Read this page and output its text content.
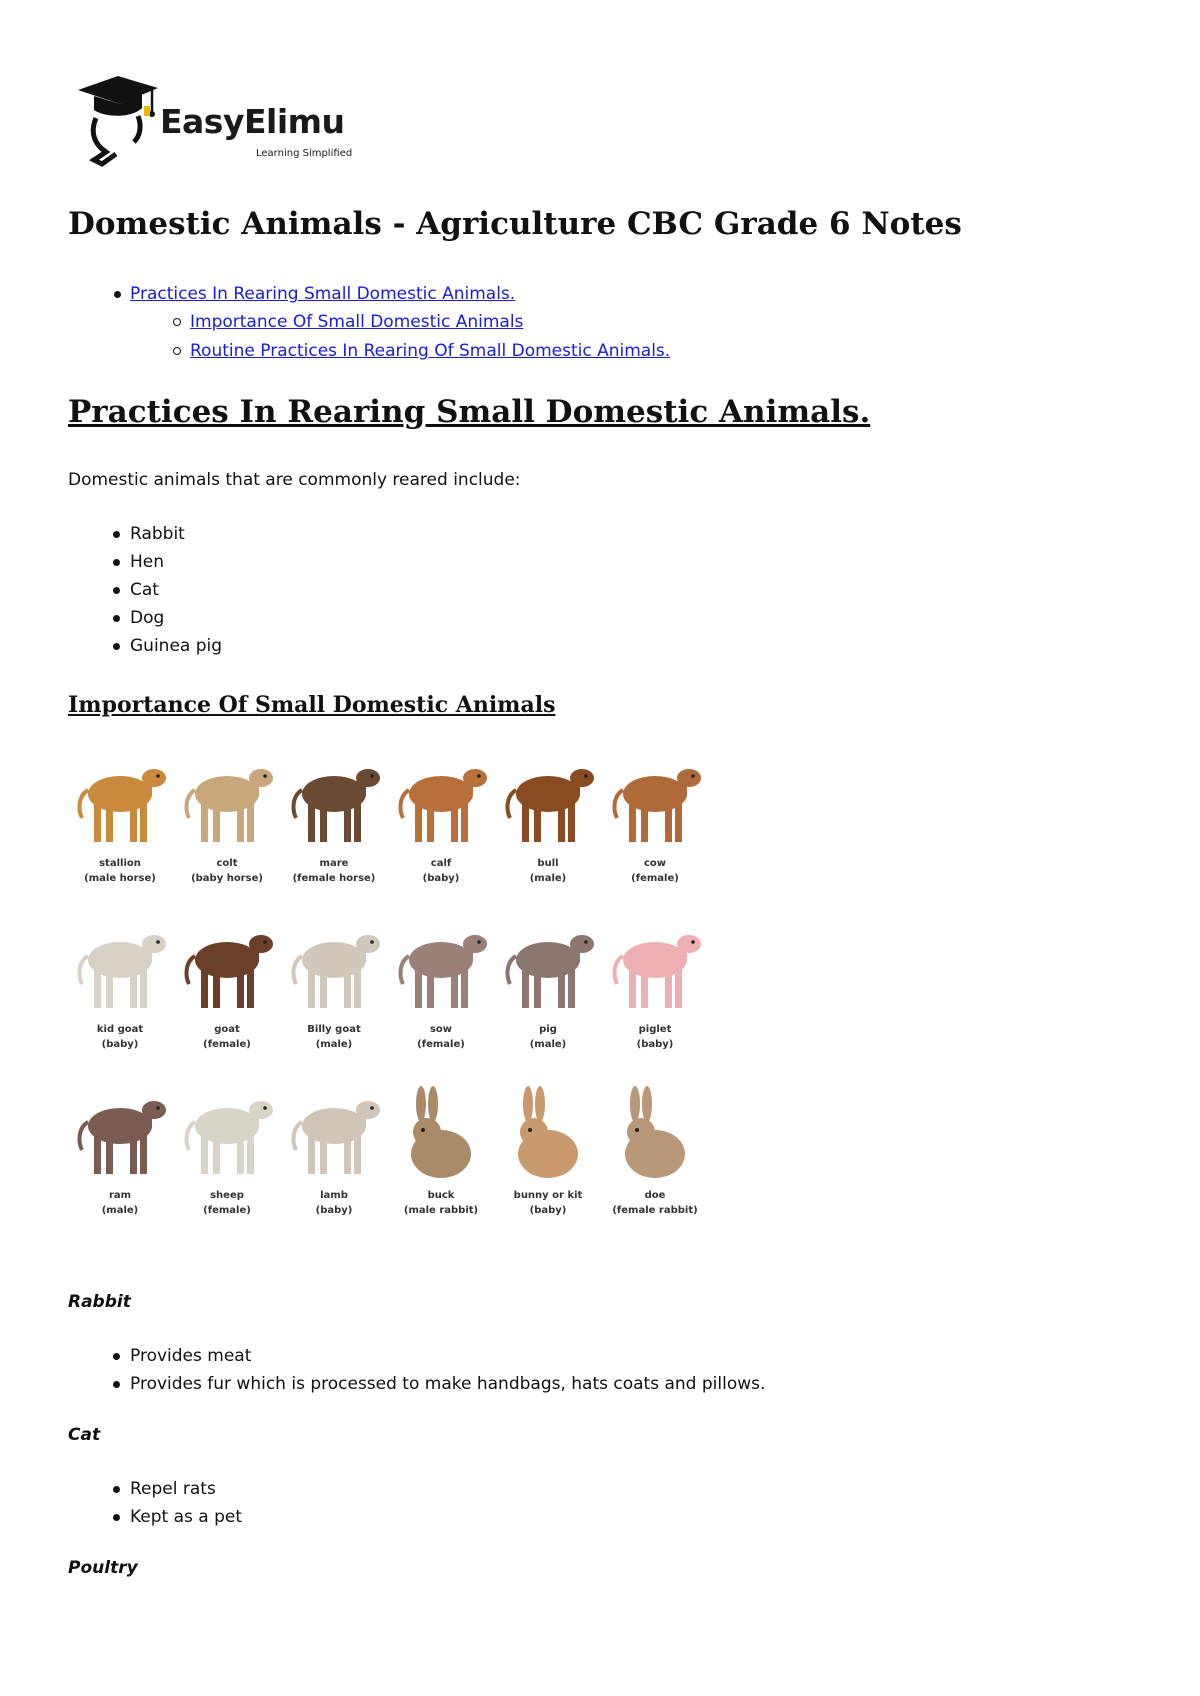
EasyElimu
Learning Simplified
Domestic Animals - Agriculture CBC Grade 6 Notes
Practices In Rearing Small Domestic Animals.
Importance Of Small Domestic Animals
Routine Practices In Rearing Of Small Domestic Animals.
Practices In Rearing Small Domestic Animals.

Domestic animals that are commonly reared include:

Rabbit
Hen
Cat
Dog
Guinea pig
Importance Of Small Domestic Animals
stallion
(male horse)
colt
(baby horse)
mare
(female horse)
calf
(baby)
bull
(male)
cow
(female)
kid goat
(baby)
goat
(female)
Billy goat
(male)
sow
(female)
pig
(male)
piglet
(baby)
ram
(male)
sheep
(female)
lamb
(baby)
buck
(male rabbit)
bunny or kit
(baby)
doe
(female rabbit)
Rabbit
Provides meat
Provides fur which is processed to make handbags, hats coats and pillows.
Cat
Repel rats
Kept as a pet
Poultry
